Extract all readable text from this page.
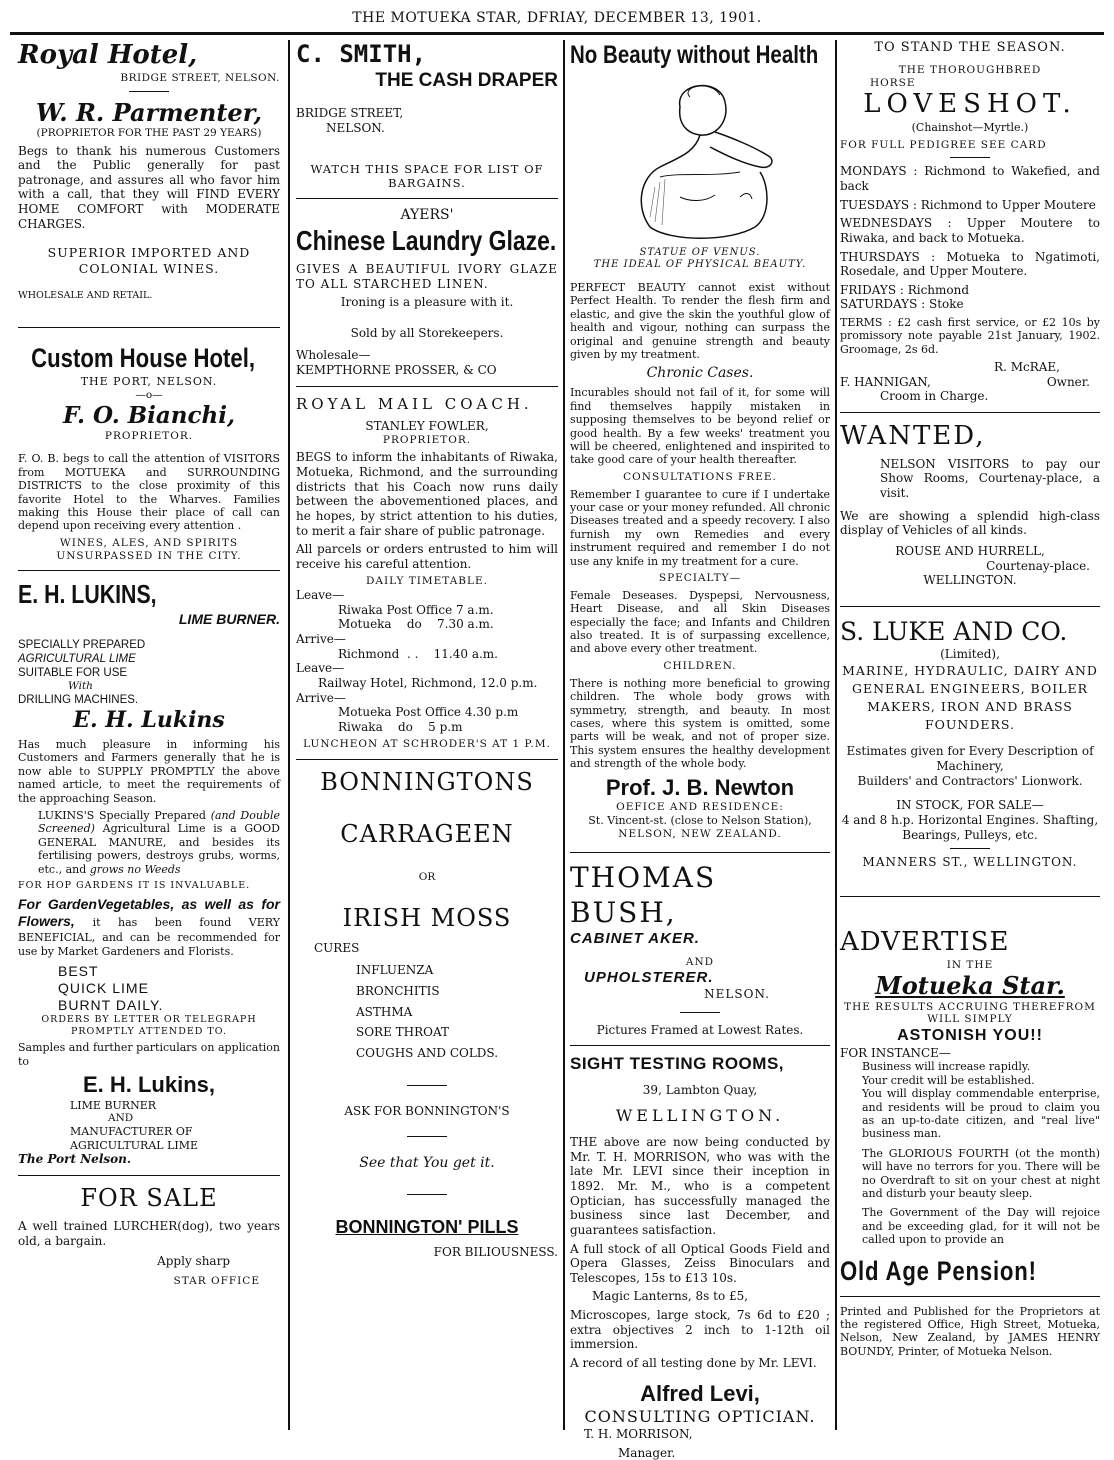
THE MOTUEKA STAR, DFRIAY, DECEMBER 13, 1901.
Royal Hotel,
BRIDGE STREET, NELSON.
W. R. Parmenter,
(PROPRIETOR FOR THE PAST 29 YEARS)
Begs to thank his numerous Customers and the Public generally for past patronage, and assures all who favor him with a call, that they will FIND EVERY HOME COMFORT with MODERATE CHARGES.
SUPERIOR IMPORTED AND COLONIAL WINES.
WHOLESALE AND RETAIL.
Custom House Hotel,
THE PORT, NELSON.
—o—
F. O. Bianchi,
PROPRIETOR.
F. O. B. begs to call the attention of VISITORS from MOTUEKA and SURROUNDING DISTRICTS to the close proximity of this favorite Hotel to the Wharves. Families making this House their place of call can depend upon receiving every attention .
WINES, ALES, AND SPIRITS UNSURPASSED IN THE CITY.
E. H. LUKINS,
LIME BURNER.
SPECIALLY PREPARED
AGRICULTURAL LIME
SUITABLE FOR USE
With
DRILLING MACHINES.
E. H. Lukins
Has much pleasure in informing his Customers and Farmers generally that he is now able to SUPPLY PROMPTLY the above named article, to meet the requirements of the approaching Season.
LUKINS'S Specially Prepared (and Double Screened) Agricultural Lime is a GOOD GENERAL MANURE, and besides its fertilising powers, destroys grubs, worms, etc., and grows no Weeds
FOR HOP GARDENS IT IS INVALUABLE.
For GardenVegetables, as well as for Flowers, it has been found VERY BENEFICIAL, and can be recommended for use by Market Gardeners and Florists.
BEST
QUICK LIME
BURNT DAILY.
ORDERS BY LETTER OR TELEGRAPH PROMPTLY ATTENDED TO.
Samples and further particulars on application to
E. H. Lukins,
LIME BURNER
AND
MANUFACTURER OF
AGRICULTURAL LIME
The Port Nelson.
FOR SALE
A well trained LURCHER(dog), two years old, a bargain.
Apply sharp
STAR OFFICE
C. SMITH,
THE CASH DRAPER
BRIDGE STREET,
NELSON.
WATCH THIS SPACE FOR LIST OF BARGAINS.
AYERS'
Chinese Laundry Glaze.
GIVES A BEAUTIFUL IVORY GLAZE TO ALL STARCHED LINEN.
Ironing is a pleasure with it.
Sold by all Storekeepers.
Wholesale—
KEMPTHORNE PROSSER, & CO
ROYAL MAIL COACH.
STANLEY FOWLER,
PROPRIETOR.
BEGS to inform the inhabitants of Riwaka, Motueka, Richmond, and the surrounding districts that his Coach now runs daily between the abovementioned places, and he hopes, by strict attention to his duties, to merit a fair share of public patronage.
All parcels or orders entrusted to him will receive his careful attention.
DAILY TIMETABLE.
Leave—
Riwaka Post Office 7 a.m.
Motueka    do    7.30 a.m.
Arrive—
Richmond  . .    11.40 a.m.
Leave—
Railway Hotel, Richmond, 12.0 p.m.
Arrive—
Motueka Post Office 4.30 p.m
Riwaka    do    5 p.m
LUNCHEON AT SCHRODER'S AT 1 P.M.
BONNINGTONS
CARRAGEEN
OR
IRISH MOSS
CURES
INFLUENZA
BRONCHITIS
ASTHMA
SORE THROAT
COUGHS AND COLDS.
ASK FOR BONNINGTON'S
See that You get it.
BONNINGTON' PILLS
FOR BILIOUSNESS.
No Beauty without Health
STATUE OF VENUS.
THE IDEAL OF PHYSICAL BEAUTY.
PERFECT BEAUTY cannot exist without Perfect Health. To render the flesh firm and elastic, and give the skin the youthful glow of health and vigour, nothing can surpass the original and genuine strength and beauty given by my treatment.
Chronic Cases.
Incurables should not fail of it, for some will find themselves happily mistaken in supposing themselves to be beyond relief or good health. By a few weeks' treatment you will be cheered, enlightened and inspirited to take good care of your health thereafter.
CONSULTATIONS FREE.
Remember I guarantee to cure if I undertake your case or your money refunded. All chronic Diseases treated and a speedy recovery. I also furnish my own Remedies and every instrument required and remember I do not use any knife in my treatment for a cure.
SPECIALTY—
Female Deseases. Dyspepsi, Nervousness, Heart Disease, and all Skin Diseases especially the face; and Infants and Children also treated. It is of surpassing excellence, and above every other treatment.
CHILDREN.
There is nothing more beneficial to growing children. The whole body grows with symmetry, strength, and beauty. In most cases, where this system is omitted, some parts will be weak, and not of proper size. This system ensures the healthy development and strength of the whole body.
Prof. J. B. Newton
OEFICE AND RESIDENCE:
St. Vincent-st. (close to Nelson Station),
NELSON, NEW ZEALAND.
THOMAS BUSH,
CABINET AKER.
AND
UPHOLSTERER.
NELSON.
Pictures Framed at Lowest Rates.
SIGHT TESTING ROOMS,
39, Lambton Quay,
WELLINGTON.
THE above are now being conducted by Mr. T. H. MORRISON, who was with the late Mr. LEVI since their inception in 1892. Mr. M., who is a competent Optician, has successfully managed the business since last December, and guarantees satisfaction.
A full stock of all Optical Goods Field and Opera Glasses, Zeiss Binoculars and Telescopes, 15s to £13 10s.
Magic Lanterns, 8s to £5,
Microscopes, large stock, 7s 6d to £20 ; extra objectives 2 inch to 1-12th oil immersion.
A record of all testing done by Mr. LEVI.
Alfred Levi,
CONSULTING OPTICIAN.
T. H. MORRISON,
Manager.
TO STAND THE SEASON.
THE THOROUGHBRED
HORSE
LOVESHOT.
(Chainshot—Myrtle.)
FOR FULL PEDIGREE SEE CARD
MONDAYS : Richmond to Wakefied, and back
TUESDAYS : Richmond to Upper Moutere
WEDNESDAYS : Upper Moutere to Riwaka, and back to Motueka.
THURSDAYS : Motueka to Ngatimoti, Rosedale, and Upper Moutere.
FRIDAYS : Richmond
SATURDAYS : Stoke
TERMS : £2 cash first service, or £2 10s by promissory note payable 21st January, 1902. Groomage, 2s 6d.
R. McRAE,
F. HANNIGAN,	Owner.
Croom in Charge.
WANTED,
NELSON VISITORS to pay our Show Rooms, Courtenay-place, a visit.
We are showing a splendid high-class display of Vehicles of all kinds.
ROUSE AND HURRELL,
Courtenay-place.
WELLINGTON.
S. LUKE AND CO.
(Limited),
MARINE, HYDRAULIC, DAIRY AND GENERAL ENGINEERS, BOILER MAKERS, IRON AND BRASS FOUNDERS.
Estimates given for Every Description of Machinery,
Builders' and Contractors' Lionwork.
IN STOCK, FOR SALE—
4 and 8 h.p. Horizontal Engines. Shafting, Bearings, Pulleys, etc.
MANNERS ST., WELLINGTON.
ADVERTISE
IN THE
Motueka Star.
THE RESULTS ACCRUING THEREFROM
WILL SIMPLY
ASTONISH YOU!!
FOR INSTANCE—
Business will increase rapidly.
Your credit will be established.
You will display commendable enterprise, and residents will be proud to claim you as an up-to-date citizen, and "real live" business man.
The GLORIOUS FOURTH (ot the month) will have no terrors for you. There will be no Overdraft to sit on your chest at night and disturb your beauty sleep.
The Government of the Day will rejoice and be exceeding glad, for it will not be called upon to provide an
Old Age Pension!
Printed and Published for the Proprietors at the registered Office, High Street, Motueka, Nelson, New Zealand, by JAMES HENRY BOUNDY, Printer, of Motueka Nelson.
